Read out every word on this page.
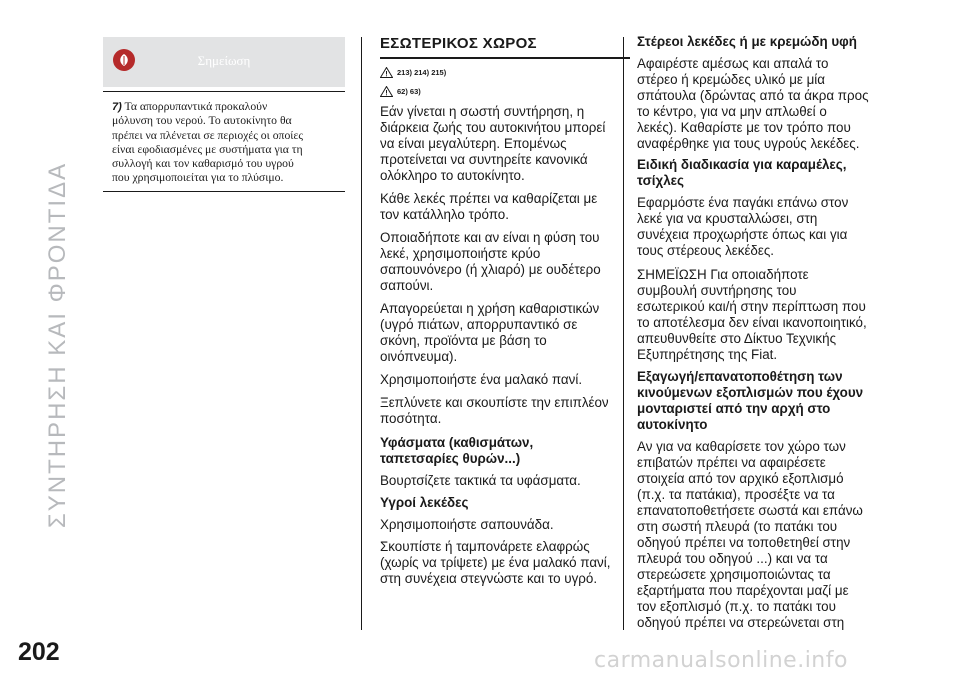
ΣΥΝΤΗΡΗΣΗ ΚΑΙ ΦΡΟΝΤΙΔΑ
Σημείωση
7) Τα απορρυπαντικά προκαλούν
μόλυνση του νερού. Το αυτοκίνητο θα
πρέπει να πλένεται σε περιοχές οι οποίες
είναι εφοδιασμένες με συστήματα για τη
συλλογή και τον καθαρισμό του υγρού
που χρησιμοποιείται για το πλύσιμο.
ΕΣΩΤΕΡΙΚΟΣ ΧΩΡΟΣ
213) 214) 215)
62) 63)
Εάν γίνεται η σωστή συντήρηση, η
διάρκεια ζωής του αυτοκινήτου μπορεί
να είναι μεγαλύτερη. Επομένως
προτείνεται να συντηρείτε κανονικά
ολόκληρο το αυτοκίνητο.
Κάθε λεκές πρέπει να καθαρίζεται με
τον κατάλληλο τρόπο.
Οποιαδήποτε και αν είναι η φύση του
λεκέ, χρησιμοποιήστε κρύο
σαπουνόνερο (ή χλιαρό) με ουδέτερο
σαπούνι.
Απαγορεύεται η χρήση καθαριστικών
(υγρό πιάτων, απορρυπαντικό σε
σκόνη, προϊόντα με βάση το
οινόπνευμα).
Χρησιμοποιήστε ένα μαλακό πανί.
Ξεπλύνετε και σκουπίστε την επιπλέον
ποσότητα.
Υφάσματα (καθισμάτων,
ταπετσαρίες θυρών...)
Βουρτσίζετε τακτικά τα υφάσματα.
Υγροί λεκέδες
Χρησιμοποιήστε σαπουνάδα.
Σκουπίστε ή ταμπονάρετε ελαφρώς
(χωρίς να τρίψετε) με ένα μαλακό πανί,
στη συνέχεια στεγνώστε και το υγρό.
Στέρεοι λεκέδες ή με κρεμώδη υφή
Αφαιρέστε αμέσως και απαλά το
στέρεο ή κρεμώδες υλικό με μία
σπάτουλα (δρώντας από τα άκρα προς
το κέντρο, για να μην απλωθεί ο
λεκές). Καθαρίστε με τον τρόπο που
αναφέρθηκε για τους υγρούς λεκέδες.
Ειδική διαδικασία για καραμέλες,
τσίχλες
Εφαρμόστε ένα παγάκι επάνω στον
λεκέ για να κρυσταλλώσει, στη
συνέχεια προχωρήστε όπως και για
τους στέρεους λεκέδες.
ΣΗΜΕΪΩΣΗ Για οποιαδήποτε
συμβουλή συντήρησης του
εσωτερικού και/ή στην περίπτωση που
το αποτέλεσμα δεν είναι ικανοποιητικό,
απευθυνθείτε στο Δίκτυο Τεχνικής
Εξυπηρέτησης της Fiat.
Εξαγωγή/επανατοποθέτηση των
κινούμενων εξοπλισμών που έχουν
μονταριστεί από την αρχή στο
αυτοκίνητο
Αν για να καθαρίσετε τον χώρο των
επιβατών πρέπει να αφαιρέσετε
στοιχεία από τον αρχικό εξοπλισμό
(π.χ. τα πατάκια), προσέξτε να τα
επανατοποθετήσετε σωστά και επάνω
στη σωστή πλευρά (το πατάκι του
οδηγού πρέπει να τοποθετηθεί στην
πλευρά του οδηγού ...) και να τα
στερεώσετε χρησιμοποιώντας τα
εξαρτήματα που παρέχονται μαζί με
τον εξοπλισμό (π.χ. το πατάκι του
οδηγού πρέπει να στερεώνεται στη
202	carmanualsonline.info
